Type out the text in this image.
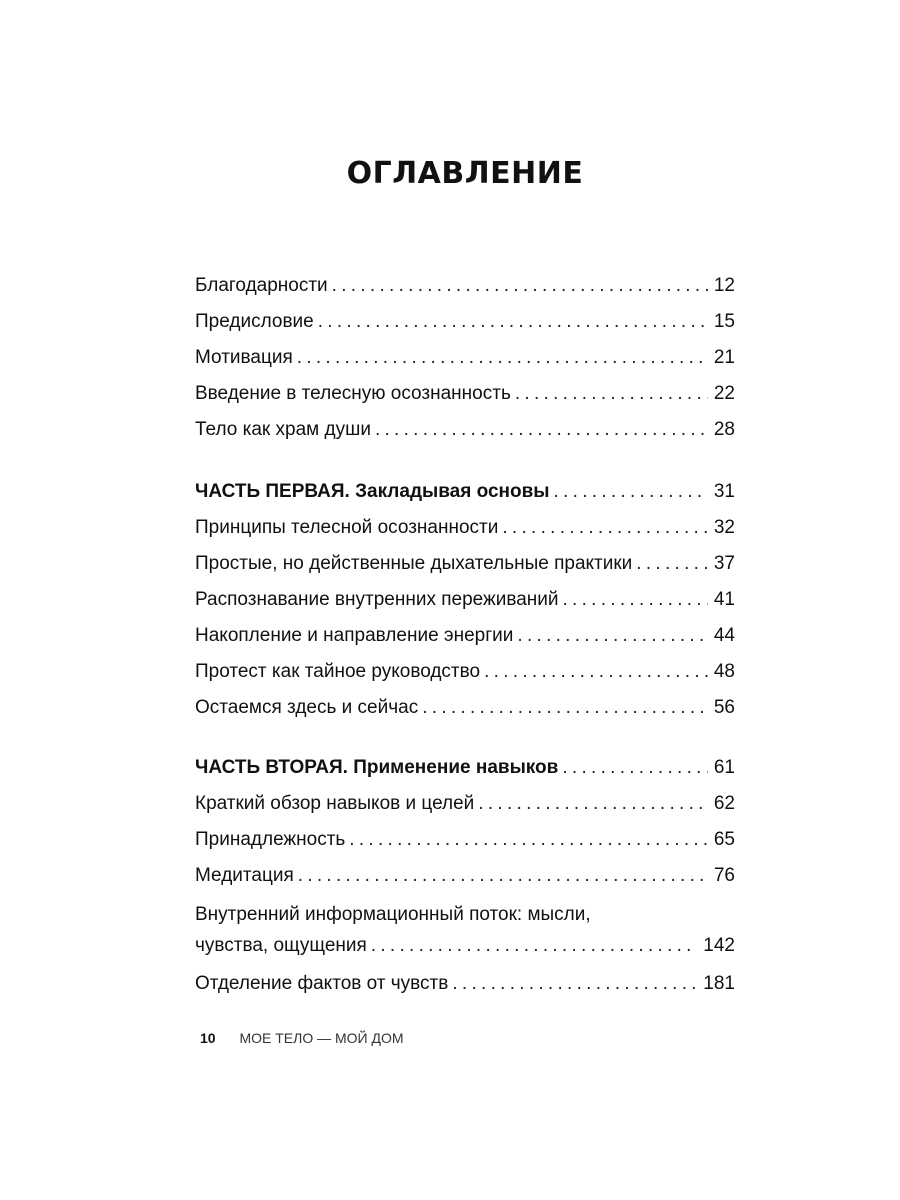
ОГЛАВЛЕНИЕ
Благодарности . . .	12
Предисловие . . .	15
Мотивация . . .	21
Введение в телесную осознанность . . .	22
Тело как храм души . . .	28
ЧАСТЬ ПЕРВАЯ. Закладывая основы . . .	31
Принципы телесной осознанности . . .	32
Простые, но действенные дыхательные практики . . .	37
Распознавание внутренних переживаний . . .	41
Накопление и направление энергии . . .	44
Протест как тайное руководство . . .	48
Остаемся здесь и сейчас . . .	56
ЧАСТЬ ВТОРАЯ. Применение навыков . . .	61
Краткий обзор навыков и целей . . .	62
Принадлежность . . .	65
Медитация . . .	76
Внутренний информационный поток: мысли,
чувства, ощущения . . .	142
Отделение фактов от чувств . . .	181
10 МОЕ ТЕЛО — МОЙ ДОМ
